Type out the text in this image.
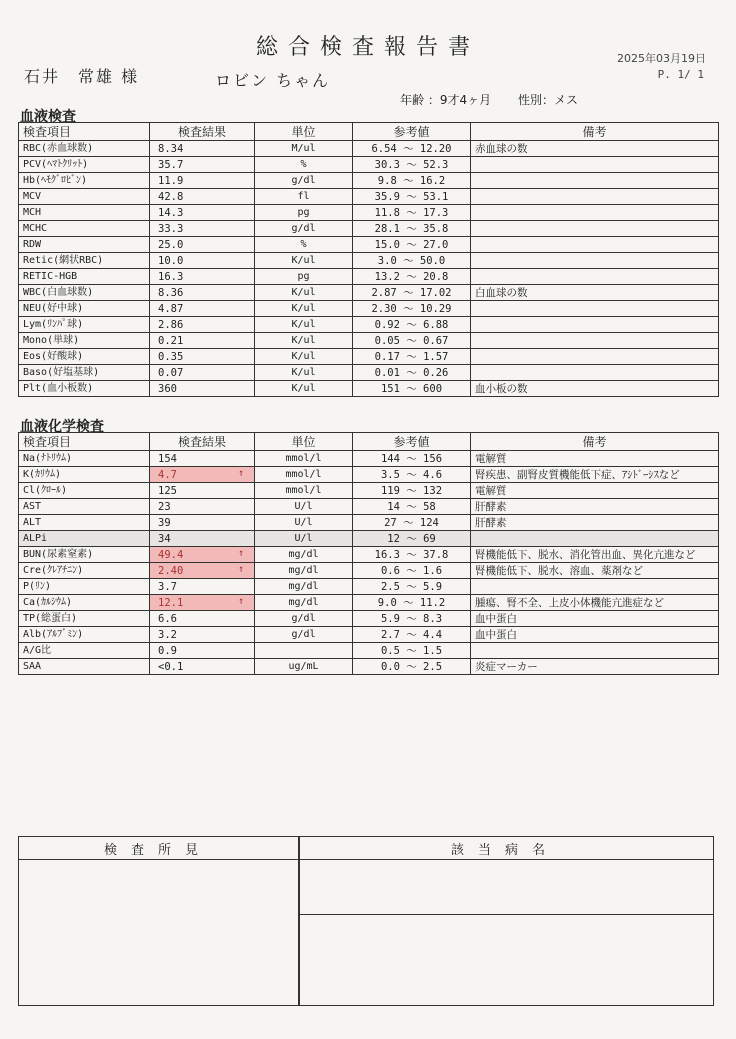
総合検査報告書	2025年03月19日
P. 1/ 1
石井　常雄 様	ロビン ちゃん
年齢 ：9才4ヶ月 性別：メス
血液検査
検査項目	検査結果	単位	参考値	備考
RBC(赤血球数)	8.34	M/ul	6.54 ～ 12.20	赤血球の数
PCV(ﾍﾏﾄｸﾘｯﾄ)	35.7	%	30.3 ～ 52.3	
Hb(ﾍﾓｸﾞﾛﾋﾞﾝ)	11.9	g/dl	9.8 ～ 16.2	
MCV	42.8	fl	35.9 ～ 53.1	
MCH	14.3	pg	11.8 ～ 17.3	
MCHC	33.3	g/dl	28.1 ～ 35.8	
RDW	25.0	%	15.0 ～ 27.0	
Retic(網状RBC)	10.0	K/ul	3.0 ～ 50.0	
RETIC-HGB	16.3	pg	13.2 ～ 20.8	
WBC(白血球数)	8.36	K/ul	2.87 ～ 17.02	白血球の数
NEU(好中球)	4.87	K/ul	2.30 ～ 10.29	
Lym(ﾘﾝﾊﾟ球)	2.86	K/ul	0.92 ～ 6.88	
Mono(単球)	0.21	K/ul	0.05 ～ 0.67	
Eos(好酸球)	0.35	K/ul	0.17 ～ 1.57	
Baso(好塩基球)	0.07	K/ul	0.01 ～ 0.26	
Plt(血小板数)	360	K/ul	151 ～ 600	血小板の数
血液化学検査
検査項目	検査結果	単位	参考値	備考
Na(ﾅﾄﾘｳﾑ)	154	mmol/l	144 ～ 156	電解質
K(ｶﾘｳﾑ)	4.7 ↑	mmol/l	3.5 ～ 4.6	腎疾患、副腎皮質機能低下症、ｱｼﾄﾞｰｼｽなど
Cl(ｸﾛｰﾙ)	125	mmol/l	119 ～ 132	電解質
AST	23	U/l	14 ～ 58	肝酵素
ALT	39	U/l	27 ～ 124	肝酵素
ALPi	34	U/l	12 ～ 69	
BUN(尿素窒素)	49.4 ↑	mg/dl	16.3 ～ 37.8	腎機能低下、脱水、消化管出血、異化亢進など
Cre(ｸﾚｱﾁﾆﾝ)	2.40 ↑	mg/dl	0.6 ～ 1.6	腎機能低下、脱水、溶血、薬剤など
P(ﾘﾝ)	3.7	mg/dl	2.5 ～ 5.9	
Ca(ｶﾙｼｳﾑ)	12.1 ↑	mg/dl	9.0 ～ 11.2	腫瘍、腎不全、上皮小体機能亢進症など
TP(総蛋白)	6.6	g/dl	5.9 ～ 8.3	血中蛋白
Alb(ｱﾙﾌﾞﾐﾝ)	3.2	g/dl	2.7 ～ 4.4	血中蛋白
A/G比	0.9		0.5 ～ 1.5	
SAA	<0.1	ug/mL	0.0 ～ 2.5	炎症マーカー
検査所見	該当病名
